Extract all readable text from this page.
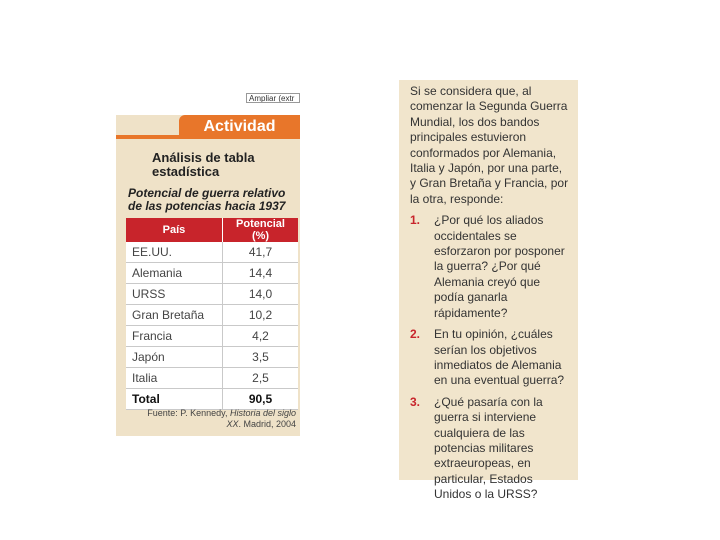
Ampliar (extr
Actividad
Análisis de tabla estadística
Potencial de guerra relativo de las potencias hacia 1937
País	Potencial (%)
EE.UU.	41,7
Alemania	14,4
URSS	14,0
Gran Bretaña	10,2
Francia	4,2
Japón	3,5
Italia	2,5
Total	90,5
Fuente: P. Kennedy, Historia del siglo XX. Madrid, 2004

Si se considera que, al comenzar la Segunda Guerra Mundial, los dos bandos principales estuvieron conformados por Alemania, Italia y Japón, por una parte, y Gran Bretaña y Francia, por la otra, responde:

1.	¿Por qué los aliados occidentales se esforzaron por posponer la guerra? ¿Por qué Alemania creyó que podía ganarla rápidamente?
2.	En tu opinión, ¿cuáles serían los objetivos inmediatos de Alemania en una eventual guerra?
3.	¿Qué pasaría con la guerra si interviene cualquiera de las potencias militares extraeuropeas, en particular, Estados Unidos o la URSS?
